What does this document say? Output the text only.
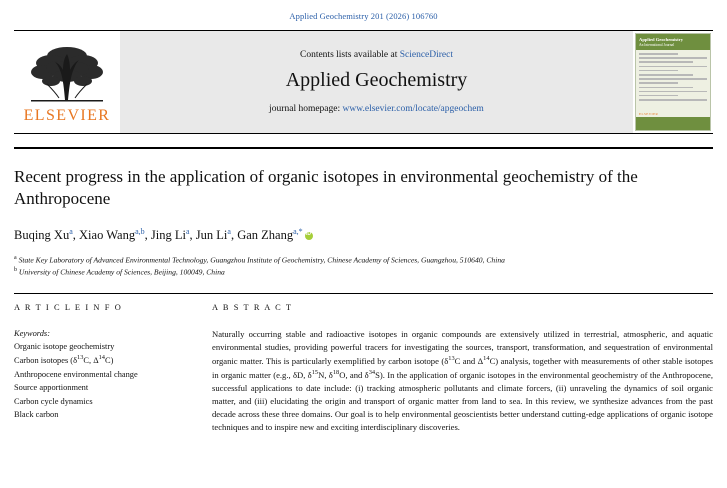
Applied Geochemistry 201 (2026) 106760
ELSEVIER
Contents lists available at ScienceDirect
Applied Geochemistry
journal homepage: www.elsevier.com/locate/apgeochem
Applied Geochemistry
An International Journal
ELSEVIER
Recent progress in the application of organic isotopes in environmental geochemistry of the Anthropocene
Buqing Xu$^a$, Xiao Wang$^{a,b}$, Jing Li$^a$, Jun Li$^a$, Gan Zhang$^{a,*}$iD
$^a$ State Key Laboratory of Advanced Environmental Technology, Guangzhou Institute of Geochemistry, Chinese Academy of Sciences, Guangzhou, 510640, China
$^b$ University of Chinese Academy of Sciences, Beijing, 100049, China
A R T I C L E I N F O
Keywords:
Organic isotope geochemistry
Carbon isotopes ($\delta^{13}C$, $\Delta^{14}C$)
Anthropocene environmental change
Source apportionment
Carbon cycle dynamics
Black carbon
A B S T R A C T
Naturally occurring stable and radioactive isotopes in organic compounds are extensively utilized in terrestrial, atmospheric, and aquatic environmental studies, providing powerful tracers for investigating the sources, transport, transformation, and sequestration of environmental organic matter. This is particularly exemplified by carbon isotope ($\delta^{13}C$ and $\Delta^{14}C$) analysis, together with measurements of other stable isotopes in organic matter (e.g., δD, $\delta^{15}N$, $\delta^{18}O$, and $\delta^{34}S$). In the application of organic isotopes in the environmental geochemistry of the Anthropocene, successful applications to date include: (i) tracking atmospheric pollutants and climate forcers, (ii) unraveling the dynamics of soil organic matter, and (iii) elucidating the origin and transport of organic matter from land to sea. In this review, we synthesize advances from the past decade across these three domains. Our goal is to help environmental geoscientists better understand cutting-edge applications of organic isotope techniques and to inspire new and exciting interdisciplinary discoveries.
